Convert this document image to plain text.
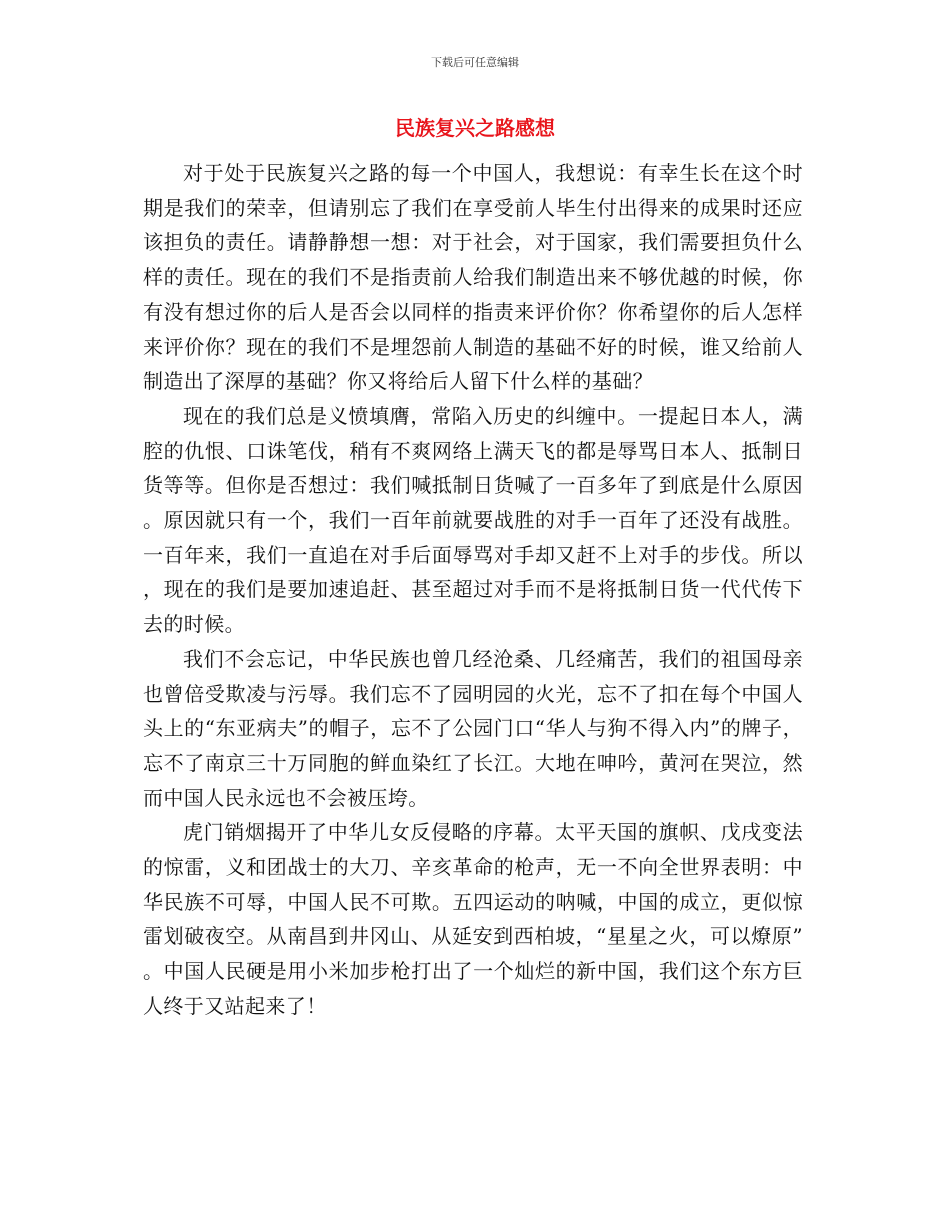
下载后可任意编辑
民族复兴之路感想

对于处于民族复兴之路的每一个中国人，我想说：有幸生长在这个时期是我们的荣幸，但请别忘了我们在享受前人毕生付出得来的成果时还应该担负的责任。请静静想一想：对于社会，对于国家，我们需要担负什么样的责任。现在的我们不是指责前人给我们制造出来不够优越的时候，你有没有想过你的后人是否会以同样的指责来评价你？你希望你的后人怎样来评价你？现在的我们不是埋怨前人制造的基础不好的时候，谁又给前人制造出了深厚的基础？你又将给后人留下什么样的基础？

现在的我们总是义愤填膺，常陷入历史的纠缠中。一提起日本人，满腔的仇恨、口诛笔伐，稍有不爽网络上满天飞的都是辱骂日本人、抵制日货等等。但你是否想过：我们喊抵制日货喊了一百多年了到底是什么原因。原因就只有一个，我们一百年前就要战胜的对手一百年了还没有战胜。一百年来，我们一直追在对手后面辱骂对手却又赶不上对手的步伐。所以，现在的我们是要加速追赶、甚至超过对手而不是将抵制日货一代代传下去的时候。

我们不会忘记，中华民族也曾几经沧桑、几经痛苦，我们的祖国母亲也曾倍受欺凌与污辱。我们忘不了园明园的火光，忘不了扣在每个中国人头上的“东亚病夫”的帽子，忘不了公园门口“华人与狗不得入内”的牌子，忘不了南京三十万同胞的鲜血染红了长江。大地在呻吟，黄河在哭泣，然而中国人民永远也不会被压垮。

虎门销烟揭开了中华儿女反侵略的序幕。太平天国的旗帜、戊戌变法的惊雷，义和团战士的大刀、辛亥革命的枪声，无一不向全世界表明：中华民族不可辱，中国人民不可欺。五四运动的呐喊，中国的成立，更似惊雷划破夜空。从南昌到井冈山、从延安到西柏坡，“星星之火，可以燎原”。中国人民硬是用小米加步枪打出了一个灿烂的新中国，我们这个东方巨人终于又站起来了！
